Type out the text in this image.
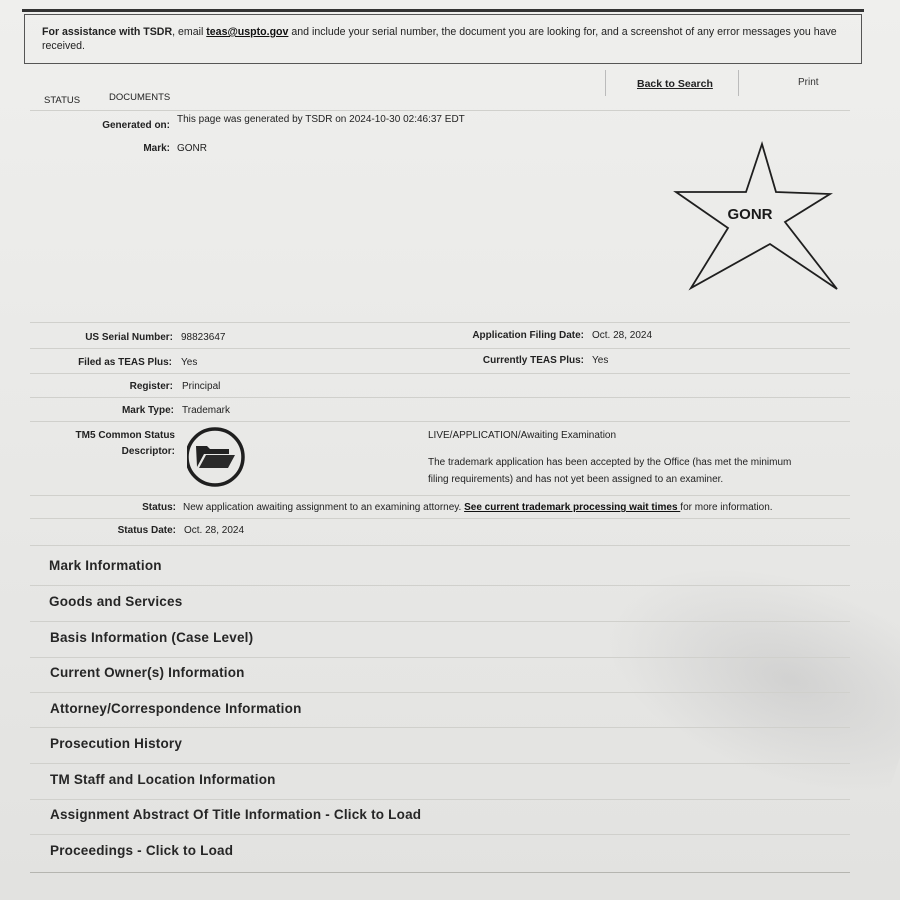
For assistance with TSDR, email teas@uspto.gov and include your serial number, the document you are looking for, and a screenshot of any error messages you have received.
STATUS	DOCUMENTS
Back to Search	Print
Generated on:
This page was generated by TSDR on 2024-10-30 02:46:37 EDT
Mark: GONR
GONR
US Serial Number: 98823647	Application Filing Date: Oct. 28, 2024
Filed as TEAS Plus: Yes	Currently TEAS Plus: Yes
Register: Principal
Mark Type: Trademark
TM5 Common Status
Descriptor:
LIVE/APPLICATION/Awaiting Examination
The trademark application has been accepted by the Office (has met the minimum
filing requirements) and has not yet been assigned to an examiner.
Status: New application awaiting assignment to an examining attorney. See current trademark processing wait times for more information.
Status Date: Oct. 28, 2024
Mark Information
Goods and Services
Basis Information (Case Level)
Current Owner(s) Information
Attorney/Correspondence Information
Prosecution History
TM Staff and Location Information
Assignment Abstract Of Title Information - Click to Load
Proceedings - Click to Load
